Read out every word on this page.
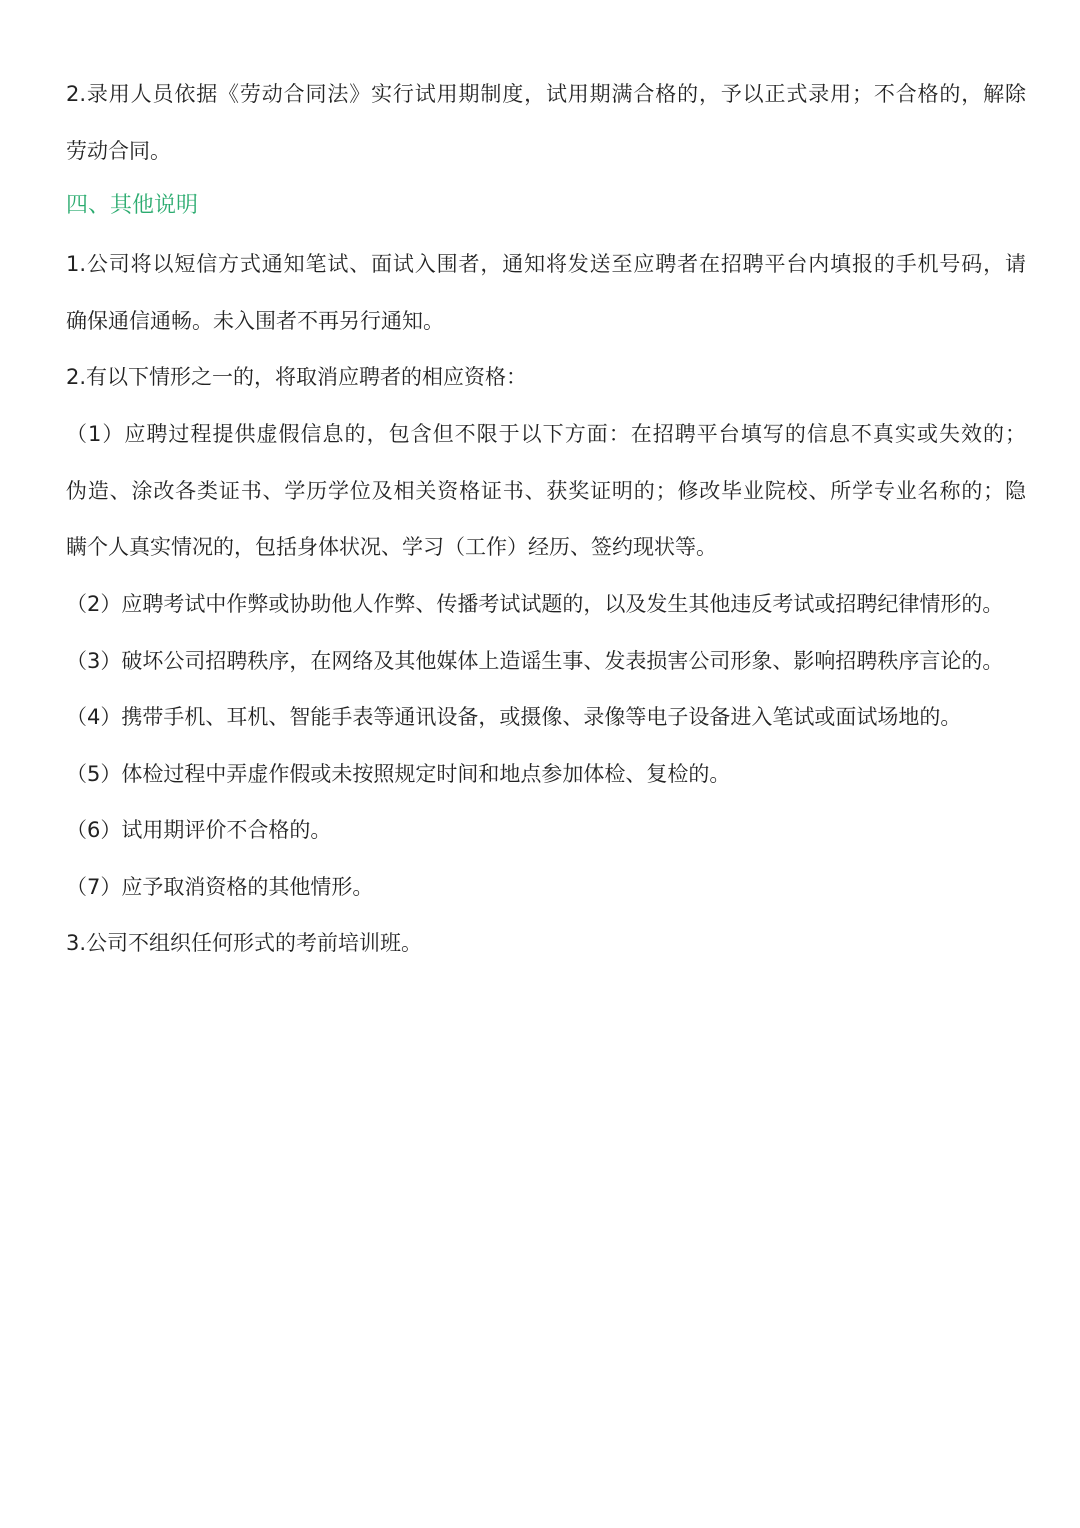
2.录用人员依据《劳动合同法》实行试用期制度，试用期满合格的，予以正式录用；不合格的，解除
劳动合同。
四、其他说明
1.公司将以短信方式通知笔试、面试入围者，通知将发送至应聘者在招聘平台内填报的手机号码，请
确保通信通畅。未入围者不再另行通知。
2.有以下情形之一的，将取消应聘者的相应资格：
（1）应聘过程提供虚假信息的，包含但不限于以下方面：在招聘平台填写的信息不真实或失效的；
伪造、涂改各类证书、学历学位及相关资格证书、获奖证明的；修改毕业院校、所学专业名称的；隐
瞒个人真实情况的，包括身体状况、学习（工作）经历、签约现状等。
（2）应聘考试中作弊或协助他人作弊、传播考试试题的，以及发生其他违反考试或招聘纪律情形的。
（3）破坏公司招聘秩序，在网络及其他媒体上造谣生事、发表损害公司形象、影响招聘秩序言论的。
（4）携带手机、耳机、智能手表等通讯设备，或摄像、录像等电子设备进入笔试或面试场地的。
（5）体检过程中弄虚作假或未按照规定时间和地点参加体检、复检的。
（6）试用期评价不合格的。
（7）应予取消资格的其他情形。
3.公司不组织任何形式的考前培训班。
